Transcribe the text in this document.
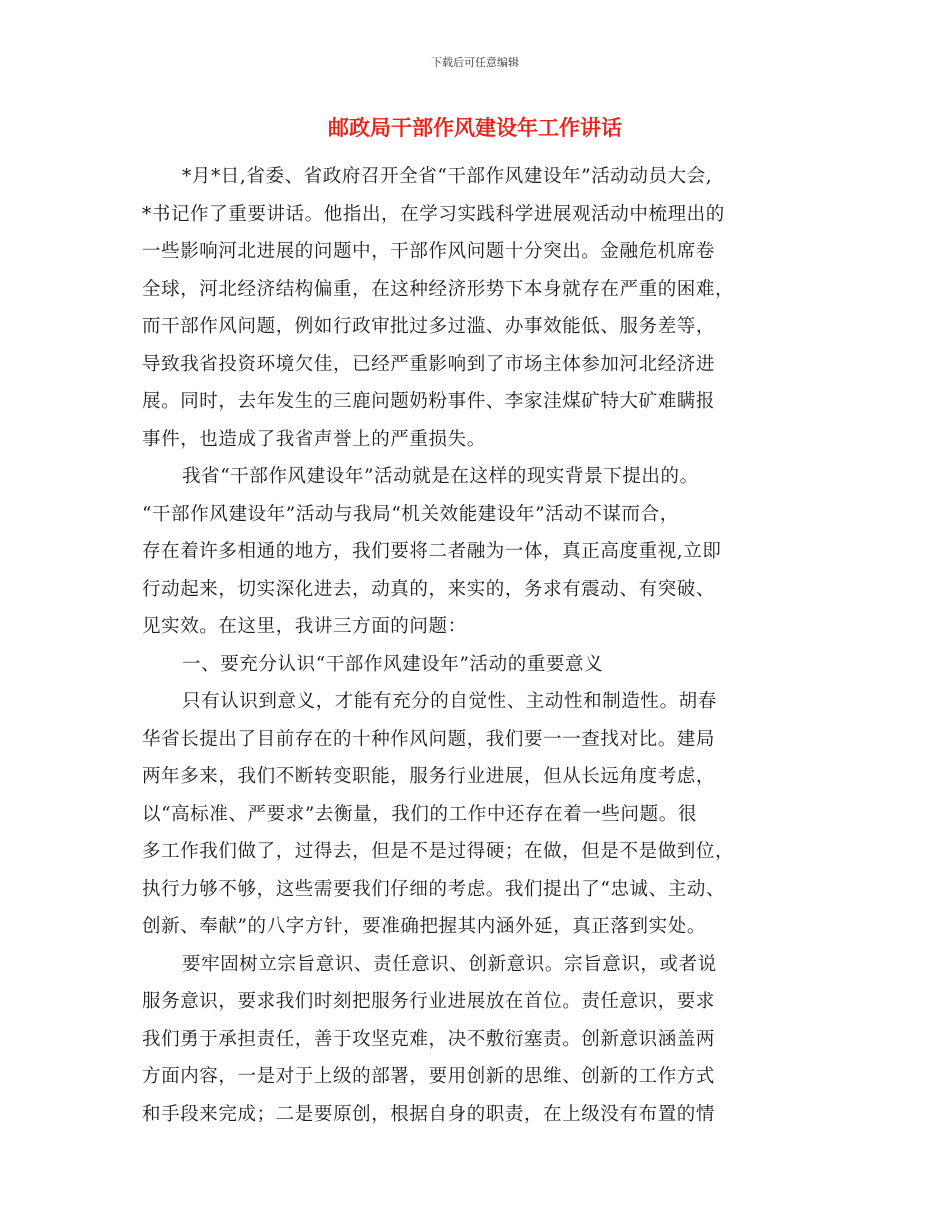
下载后可任意编辑
邮政局干部作风建设年工作讲话
*月*日,省委、省政府召开全省“干部作风建设年”活动动员大会,
*书记作了重要讲话。他指出，在学习实践科学进展观活动中梳理出的
一些影响河北进展的问题中，干部作风问题十分突出。金融危机席卷
全球，河北经济结构偏重，在这种经济形势下本身就存在严重的困难，
而干部作风问题，例如行政审批过多过滥、办事效能低、服务差等，
导致我省投资环境欠佳，已经严重影响到了市场主体参加河北经济进
展。同时，去年发生的三鹿问题奶粉事件、李家洼煤矿特大矿难瞒报
事件，也造成了我省声誉上的严重损失。
我省“干部作风建设年”活动就是在这样的现实背景下提出的。
“干部作风建设年”活动与我局“机关效能建设年”活动不谋而合，
存在着许多相通的地方，我们要将二者融为一体，真正高度重视,立即
行动起来，切实深化进去，动真的，来实的，务求有震动、有突破、
见实效。在这里，我讲三方面的问题：
一、要充分认识“干部作风建设年”活动的重要意义
只有认识到意义，才能有充分的自觉性、主动性和制造性。胡春
华省长提出了目前存在的十种作风问题，我们要一一查找对比。建局
两年多来，我们不断转变职能，服务行业进展，但从长远角度考虑，
以“高标准、严要求”去衡量，我们的工作中还存在着一些问题。很
多工作我们做了，过得去，但是不是过得硬；在做，但是不是做到位，
执行力够不够，这些需要我们仔细的考虑。我们提出了“忠诚、主动、
创新、奉献”的八字方针，要准确把握其内涵外延，真正落到实处。
要牢固树立宗旨意识、责任意识、创新意识。宗旨意识，或者说
服务意识，要求我们时刻把服务行业进展放在首位。责任意识，要求
我们勇于承担责任，善于攻坚克难，决不敷衍塞责。创新意识涵盖两
方面内容，一是对于上级的部署，要用创新的思维、创新的工作方式
和手段来完成；二是要原创，根据自身的职责，在上级没有布置的情
